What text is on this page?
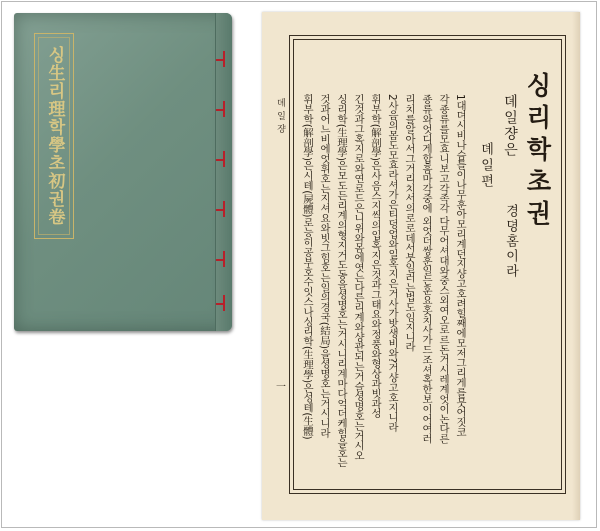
싱生리理학學초初권卷	뎨일쟝
一
싱리학초권
뎨일쟝은
경뎡홈이라
뎨일편
1대뎌시비나슴틀이나무훈아모리계던지샹고호려힐째에모저그리게를뭇어짓코
각죵류를모효니보고각족각 다무어셔대와중스외여오로르돈거시레계엇이논다른
죵류와엇디게합흠마각중에 외엇더쌍훈일는훈요홋치사가드조셔혹한보이어여러
리치를알아서그거리치서의로로데서붓일러는법도임지니라
2사음의몸도모효라셔가은티덩업와일혹지은거사가밧생비와?거샹고호지니라
휘부학(解剖學)은사음스지씩의입혹지은것과그태요와정풍와형상과빗과성
긴것과그혹지로와연로드은니위와몸에엿는다른리계와샹관되는거슬셩명호는거시오
싱리학(生理學)은모도든리계의형지거도동을셩명호는거시니리계마다억더케힘을호는
것과어느비에엇휘호는지셔요와빗그힘호는일의경국(結局)을셩명호는거시니라
휘부학(解剖學)은시톄(屍體)로능히공부호수잇스나싱리학(生理學)은성톄(生體)
